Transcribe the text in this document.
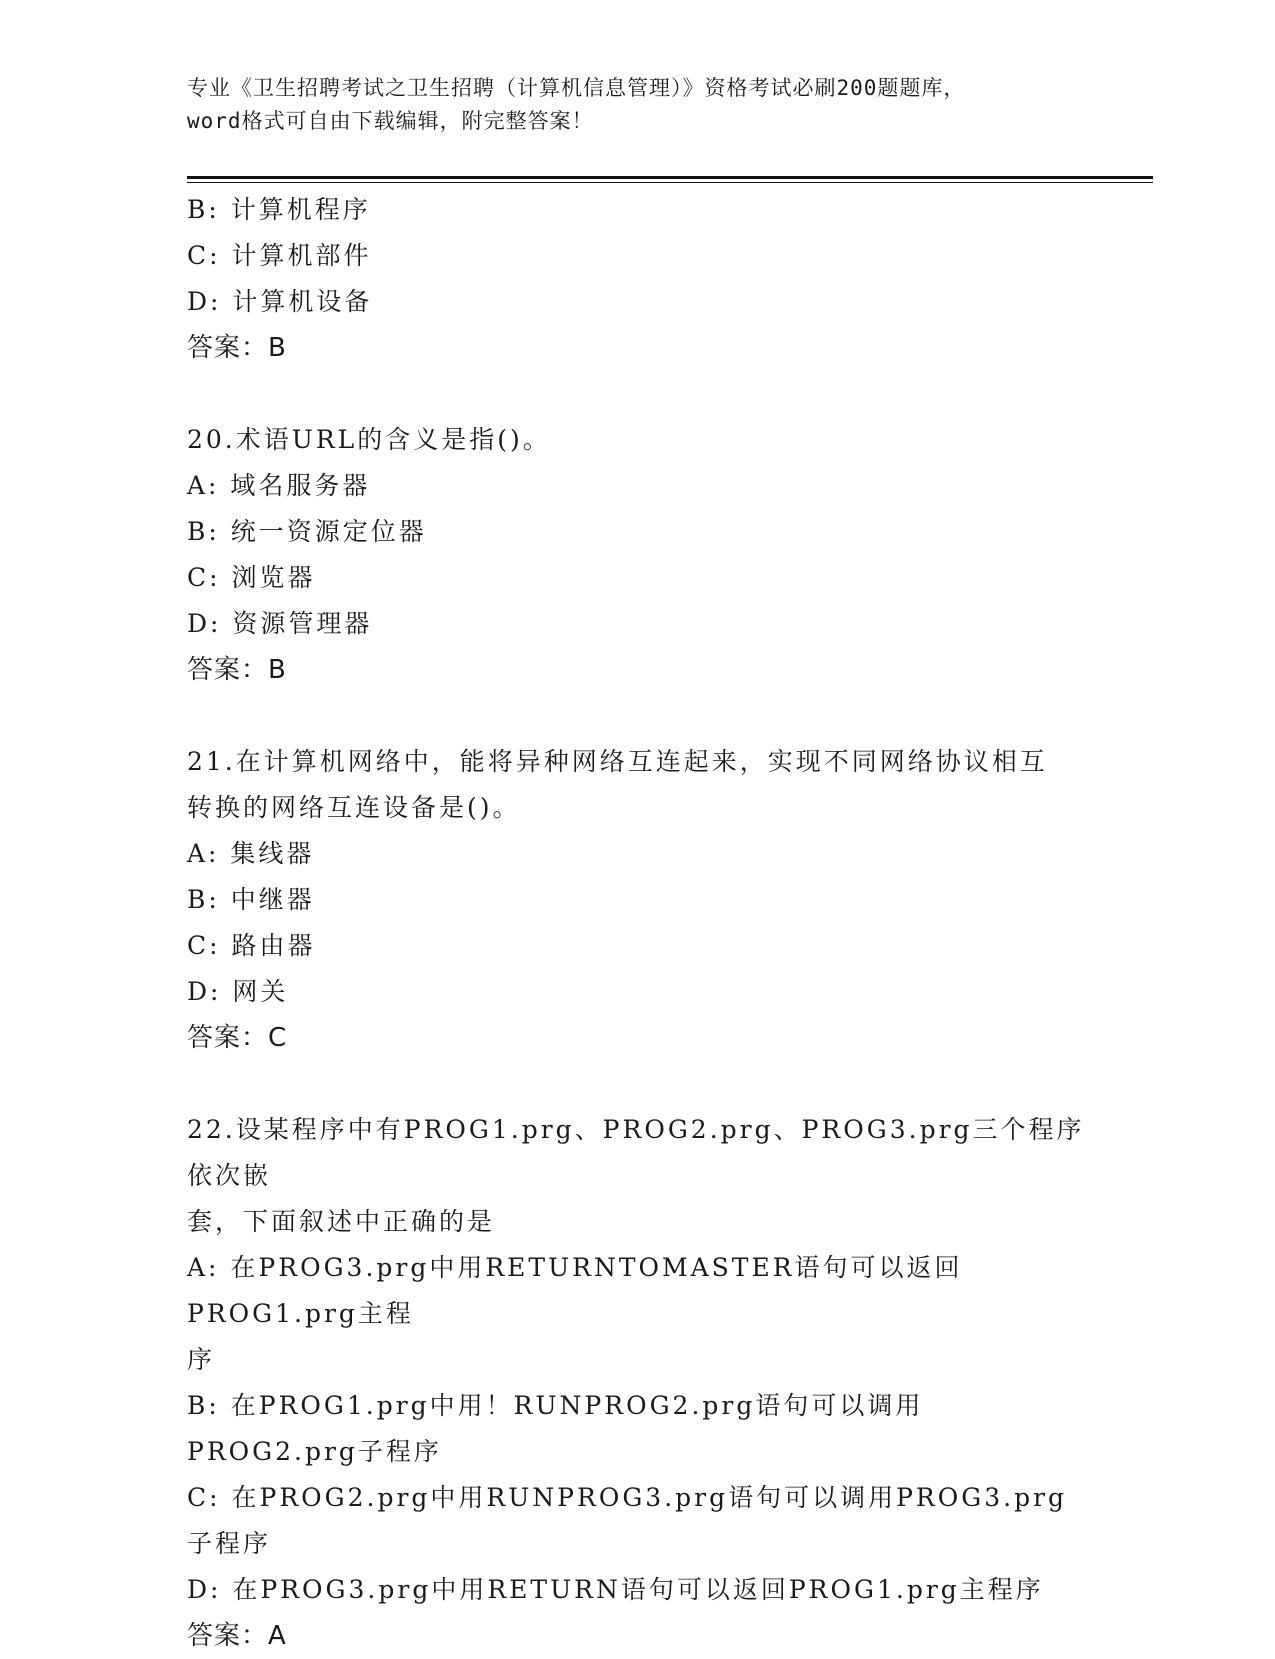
专业《卫生招聘考试之卫生招聘（计算机信息管理）》资格考试必刷200题题库，
word格式可自由下载编辑，附完整答案！
B: 计算机程序
C: 计算机部件
D: 计算机设备
答案：B
20.术语URL的含义是指()。
A: 域名服务器
B: 统一资源定位器
C: 浏览器
D: 资源管理器
答案：B
21.在计算机网络中，能将异种网络互连起来，实现不同网络协议相互
转换的网络互连设备是()。
A: 集线器
B: 中继器
C: 路由器
D: 网关
答案：C
22.设某程序中有PROG1.prg、PROG2.prg、PROG3.prg三个程序依次嵌
套，下面叙述中正确的是
A: 在PROG3.prg中用RETURNTOMASTER语句可以返回PROG1.prg主程
序
B: 在PROG1.prg中用！RUNPROG2.prg语句可以调用PROG2.prg子程序
C: 在PROG2.prg中用RUNPROG3.prg语句可以调用PROG3.prg子程序
D: 在PROG3.prg中用RETURN语句可以返回PROG1.prg主程序
答案：A
